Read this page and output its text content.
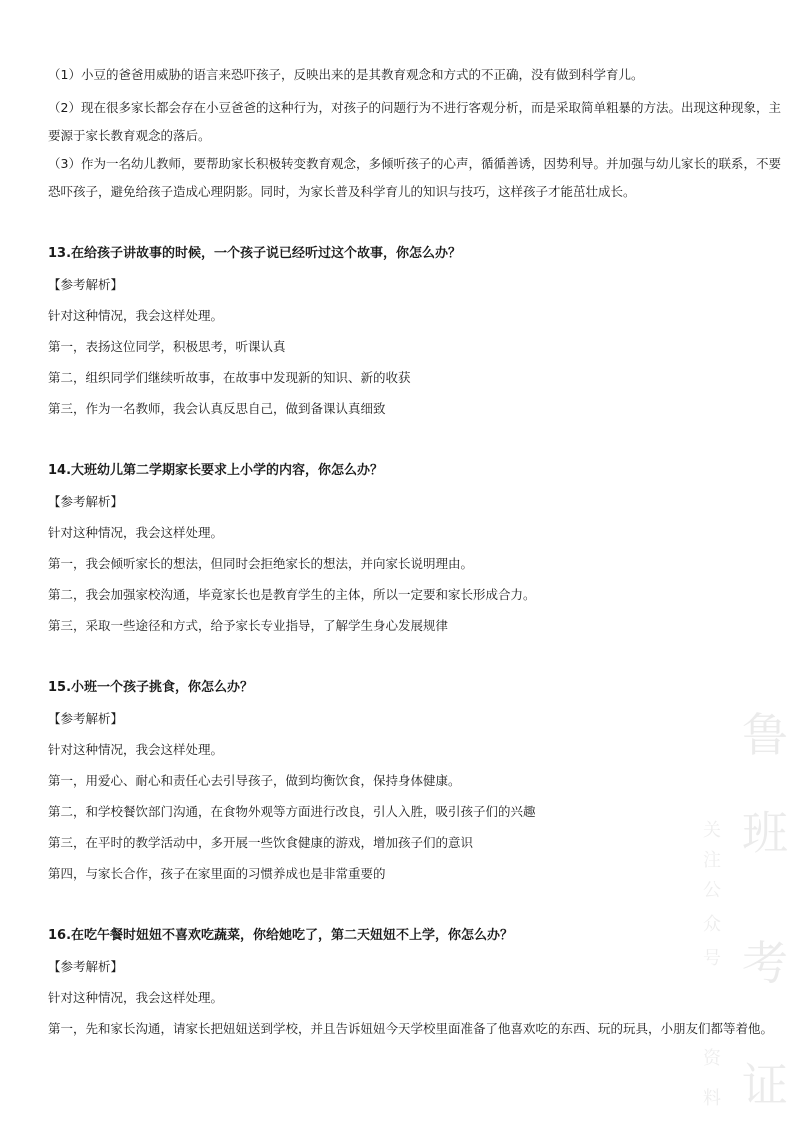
（1）小豆的爸爸用威胁的语言来恐吓孩子，反映出来的是其教育观念和方式的不正确，没有做到科学育儿。
（2）现在很多家长都会存在小豆爸爸的这种行为，对孩子的问题行为不进行客观分析，而是采取简单粗暴的方法。出现这种现象，主
要源于家长教育观念的落后。
（3）作为一名幼儿教师，要帮助家长积极转变教育观念，多倾听孩子的心声，循循善诱，因势利导。并加强与幼儿家长的联系，不要
恐吓孩子，避免给孩子造成心理阴影。同时，为家长普及科学育儿的知识与技巧，这样孩子才能茁壮成长。
13.在给孩子讲故事的时候，一个孩子说已经听过这个故事，你怎么办？
【参考解析】
针对这种情况，我会这样处理。
第一，表扬这位同学，积极思考，听课认真
第二，组织同学们继续听故事，在故事中发现新的知识、新的收获
第三，作为一名教师，我会认真反思自己，做到备课认真细致
14.大班幼儿第二学期家长要求上小学的内容，你怎么办？
【参考解析】
针对这种情况，我会这样处理。
第一，我会倾听家长的想法，但同时会拒绝家长的想法，并向家长说明理由。
第二，我会加强家校沟通，毕竟家长也是教育学生的主体，所以一定要和家长形成合力。
第三，采取一些途径和方式，给予家长专业指导，了解学生身心发展规律
15.小班一个孩子挑食，你怎么办？
【参考解析】
针对这种情况，我会这样处理。
第一，用爱心、耐心和责任心去引导孩子，做到均衡饮食，保持身体健康。
第二，和学校餐饮部门沟通，在食物外观等方面进行改良，引人入胜，吸引孩子们的兴趣
第三，在平时的教学活动中，多开展一些饮食健康的游戏，增加孩子们的意识
第四，与家长合作，孩子在家里面的习惯养成也是非常重要的
16.在吃午餐时妞妞不喜欢吃蔬菜，你给她吃了，第二天妞妞不上学，你怎么办？
【参考解析】
针对这种情况，我会这样处理。
第一，先和家长沟通，请家长把妞妞送到学校，并且告诉妞妞今天学校里面准备了他喜欢吃的东西、玩的玩具，小朋友们都等着他。
鲁
班
考
证
关
注
公
众
号
资
料
